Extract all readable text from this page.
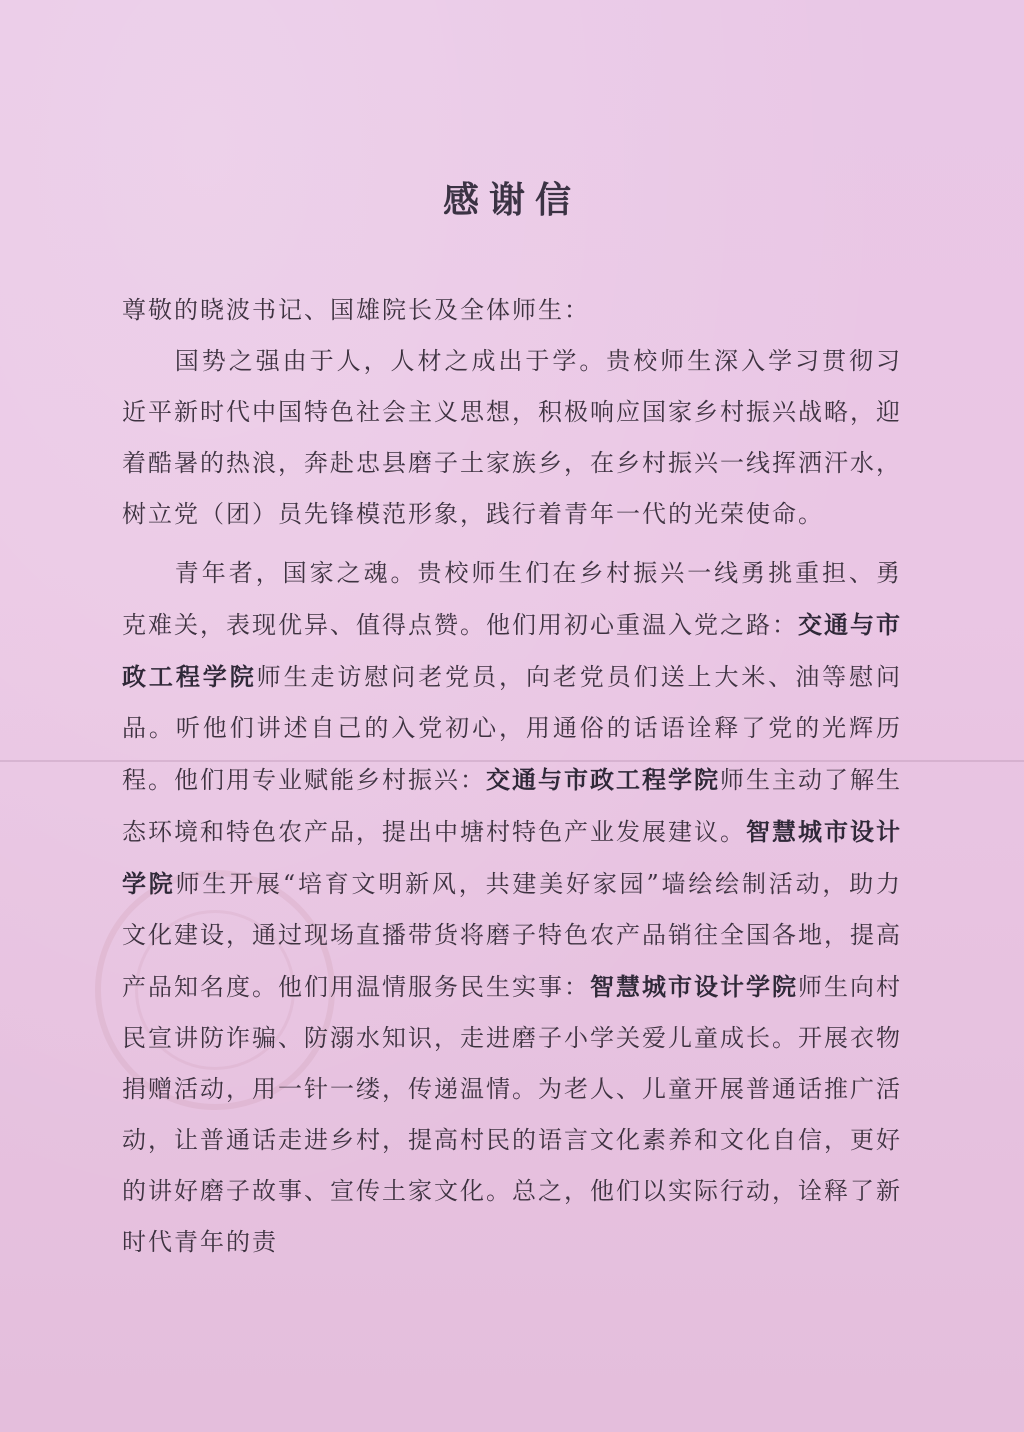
感谢信

尊敬的晓波书记、国雄院长及全体师生：

国势之强由于人，人材之成出于学。贵校师生深入学习贯彻习近平新时代中国特色社会主义思想，积极响应国家乡村振兴战略，迎着酷暑的热浪，奔赴忠县磨子土家族乡，在乡村振兴一线挥洒汗水，树立党（团）员先锋模范形象，践行着青年一代的光荣使命。

青年者，国家之魂。贵校师生们在乡村振兴一线勇挑重担、勇克难关，表现优异、值得点赞。他们用初心重温入党之路：交通与市政工程学院师生走访慰问老党员，向老党员们送上大米、油等慰问品。听他们讲述自己的入党初心，用通俗的话语诠释了党的光辉历程。他们用专业赋能乡村振兴：交通与市政工程学院师生主动了解生态环境和特色农产品，提出中塘村特色产业发展建议。智慧城市设计学院师生开展“培育文明新风，共建美好家园”墙绘绘制活动，助力文化建设，通过现场直播带货将磨子特色农产品销往全国各地，提高产品知名度。他们用温情服务民生实事：智慧城市设计学院师生向村民宣讲防诈骗、防溺水知识，走进磨子小学关爱儿童成长。开展衣物捐赠活动，用一针一缕，传递温情。为老人、儿童开展普通话推广活动，让普通话走进乡村，提高村民的语言文化素养和文化自信，更好的讲好磨子故事、宣传土家文化。总之，他们以实际行动，诠释了新时代青年的责
